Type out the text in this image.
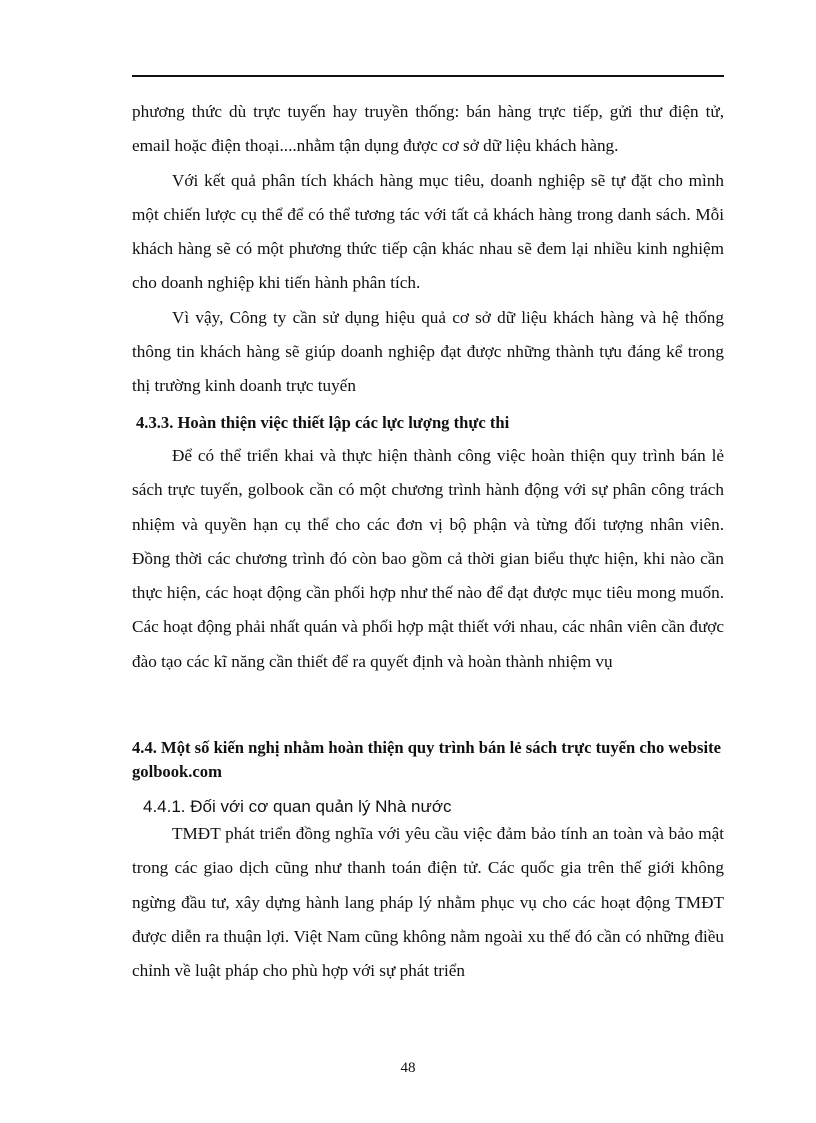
phương thức dù trực tuyến hay truyền thống: bán hàng trực tiếp, gửi thư điện tử, email hoặc điện thoại....nhằm tận dụng được cơ sở dữ liệu khách hàng.

Với kết quả phân tích khách hàng mục tiêu, doanh nghiệp sẽ tự đặt cho mình một chiến lược cụ thể để có thể tương tác với tất cả khách hàng trong danh sách. Mỗi khách hàng sẽ có một phương thức tiếp cận khác nhau sẽ đem lại nhiều kinh nghiệm cho doanh nghiệp khi tiến hành phân tích.

Vì vậy, Công ty cần sử dụng hiệu quả cơ sở dữ liệu khách hàng và hệ thống thông tin khách hàng sẽ giúp doanh nghiệp đạt được những thành tựu đáng kể trong thị trường kinh doanh trực tuyến

4.3.3. Hoàn thiện việc thiết lập các lực lượng thực thi

Để có thể triển khai và thực hiện thành công việc hoàn thiện quy trình bán lẻ sách trực tuyến, golbook cần có một chương trình hành động với sự phân công trách nhiệm và quyền hạn cụ thể cho các đơn vị bộ phận và từng đối tượng nhân viên. Đồng thời các chương trình đó còn bao gồm cả thời gian biểu thực hiện, khi nào cần thực hiện, các hoạt động cần phối hợp như thế nào để đạt được mục tiêu mong muốn. Các hoạt động phải nhất quán và phối hợp mật thiết với nhau, các nhân viên cần được đào tạo các kĩ năng cần thiết để ra quyết định và hoàn thành nhiệm vụ

4.4. Một số kiến nghị nhằm hoàn thiện quy trình bán lẻ sách trực tuyến cho website golbook.com

4.4.1. Đối với cơ quan quản lý Nhà nước

TMĐT phát triển đồng nghĩa với yêu cầu việc đảm bảo tính an toàn và bảo mật trong các giao dịch cũng như thanh toán điện tử. Các quốc gia trên thế giới không ngừng đầu tư, xây dựng hành lang pháp lý nhằm phục vụ cho các hoạt động TMĐT được diễn ra thuận lợi. Việt Nam cũng không nằm ngoài xu thế đó cần có những điều chỉnh về luật pháp cho phù hợp với sự phát triển

48
